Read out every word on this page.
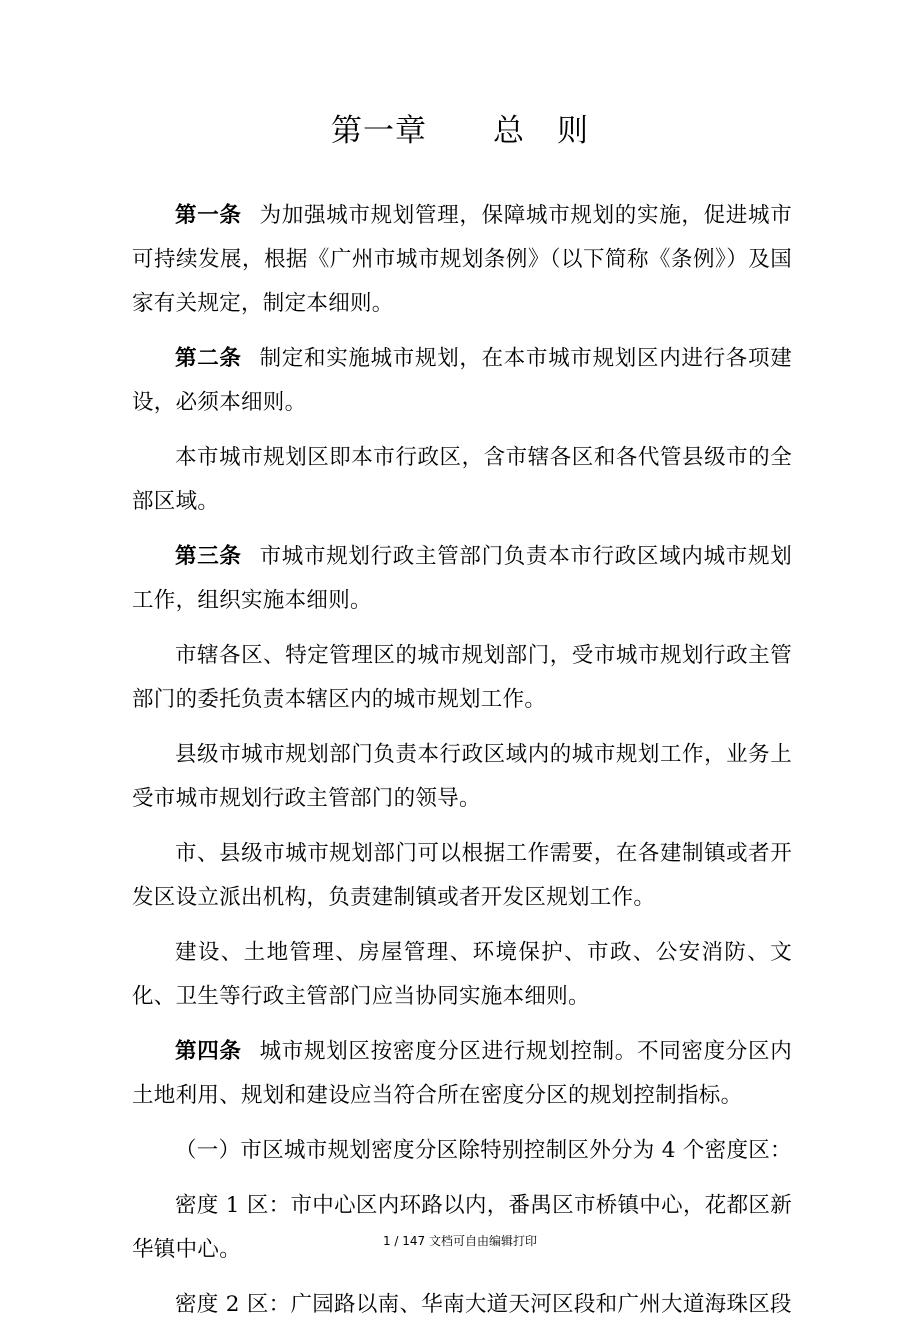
第一章 总　则

第一条 为加强城市规划管理，保障城市规划的实施，促进城市可持续发展，根据《广州市城市规划条例》（以下简称《条例》）及国家有关规定，制定本细则。

第二条 制定和实施城市规划，在本市城市规划区内进行各项建设，必须本细则。

本市城市规划区即本市行政区，含市辖各区和各代管县级市的全部区域。

第三条 市城市规划行政主管部门负责本市行政区域内城市规划工作，组织实施本细则。

市辖各区、特定管理区的城市规划部门，受市城市规划行政主管部门的委托负责本辖区内的城市规划工作。

县级市城市规划部门负责本行政区域内的城市规划工作，业务上受市城市规划行政主管部门的领导。

市、县级市城市规划部门可以根据工作需要，在各建制镇或者开发区设立派出机构，负责建制镇或者开发区规划工作。

建设、土地管理、房屋管理、环境保护、市政、公安消防、文化、卫生等行政主管部门应当协同实施本细则。

第四条 城市规划区按密度分区进行规划控制。不同密度分区内土地利用、规划和建设应当符合所在密度分区的规划控制指标。

（一）市区城市规划密度分区除特别控制区外分为 4 个密度区：

密度 1 区：市中心区内环路以内，番禺区市桥镇中心，花都区新华镇中心。

密度 2 区：广园路以南、华南大道天河区段和广州大道海珠区段

1 / 147 文档可自由编辑打印
